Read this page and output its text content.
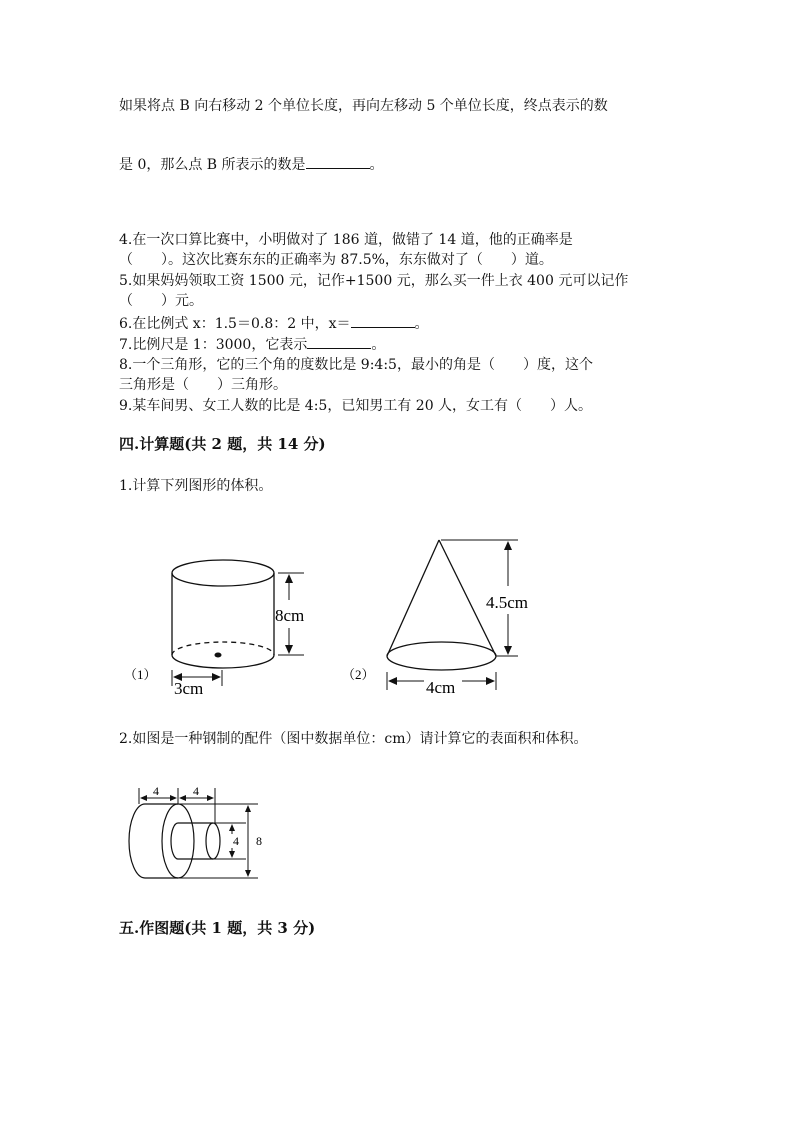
如果将点 B 向右移动 2 个单位长度，再向左移动 5 个单位长度，终点表示的数
是 0，那么点 B 所表示的数是	。
4.在一次口算比赛中，小明做对了 186 道，做错了 14 道，他的正确率是
（　　）。这次比赛东东的正确率为 87.5%，东东做对了（　　）道。
5.如果妈妈领取工资 1500 元，记作+1500 元，那么买一件上衣 400 元可以记作
（　　）元。
6.在比例式 x：1.5＝0.8：2 中，x＝	。
7.比例尺是 1：3000，它表示	。
8.一个三角形，它的三个角的度数比是 9:4:5，最小的角是（　　）度，这个
三角形是（　　）三角形。
9.某车间男、女工人数的比是 4:5，已知男工有 20 人，女工有（　　）人。
四.计算题(共 2 题，共 14 分)
1.计算下列图形的体积。
（1）
8cm
3cm
（2）
4.5cm
4cm
2.如图是一种钢制的配件（图中数据单位：cm）请计算它的表面积和体积。
4	4
4 8
五.作图题(共 1 题，共 3 分)
